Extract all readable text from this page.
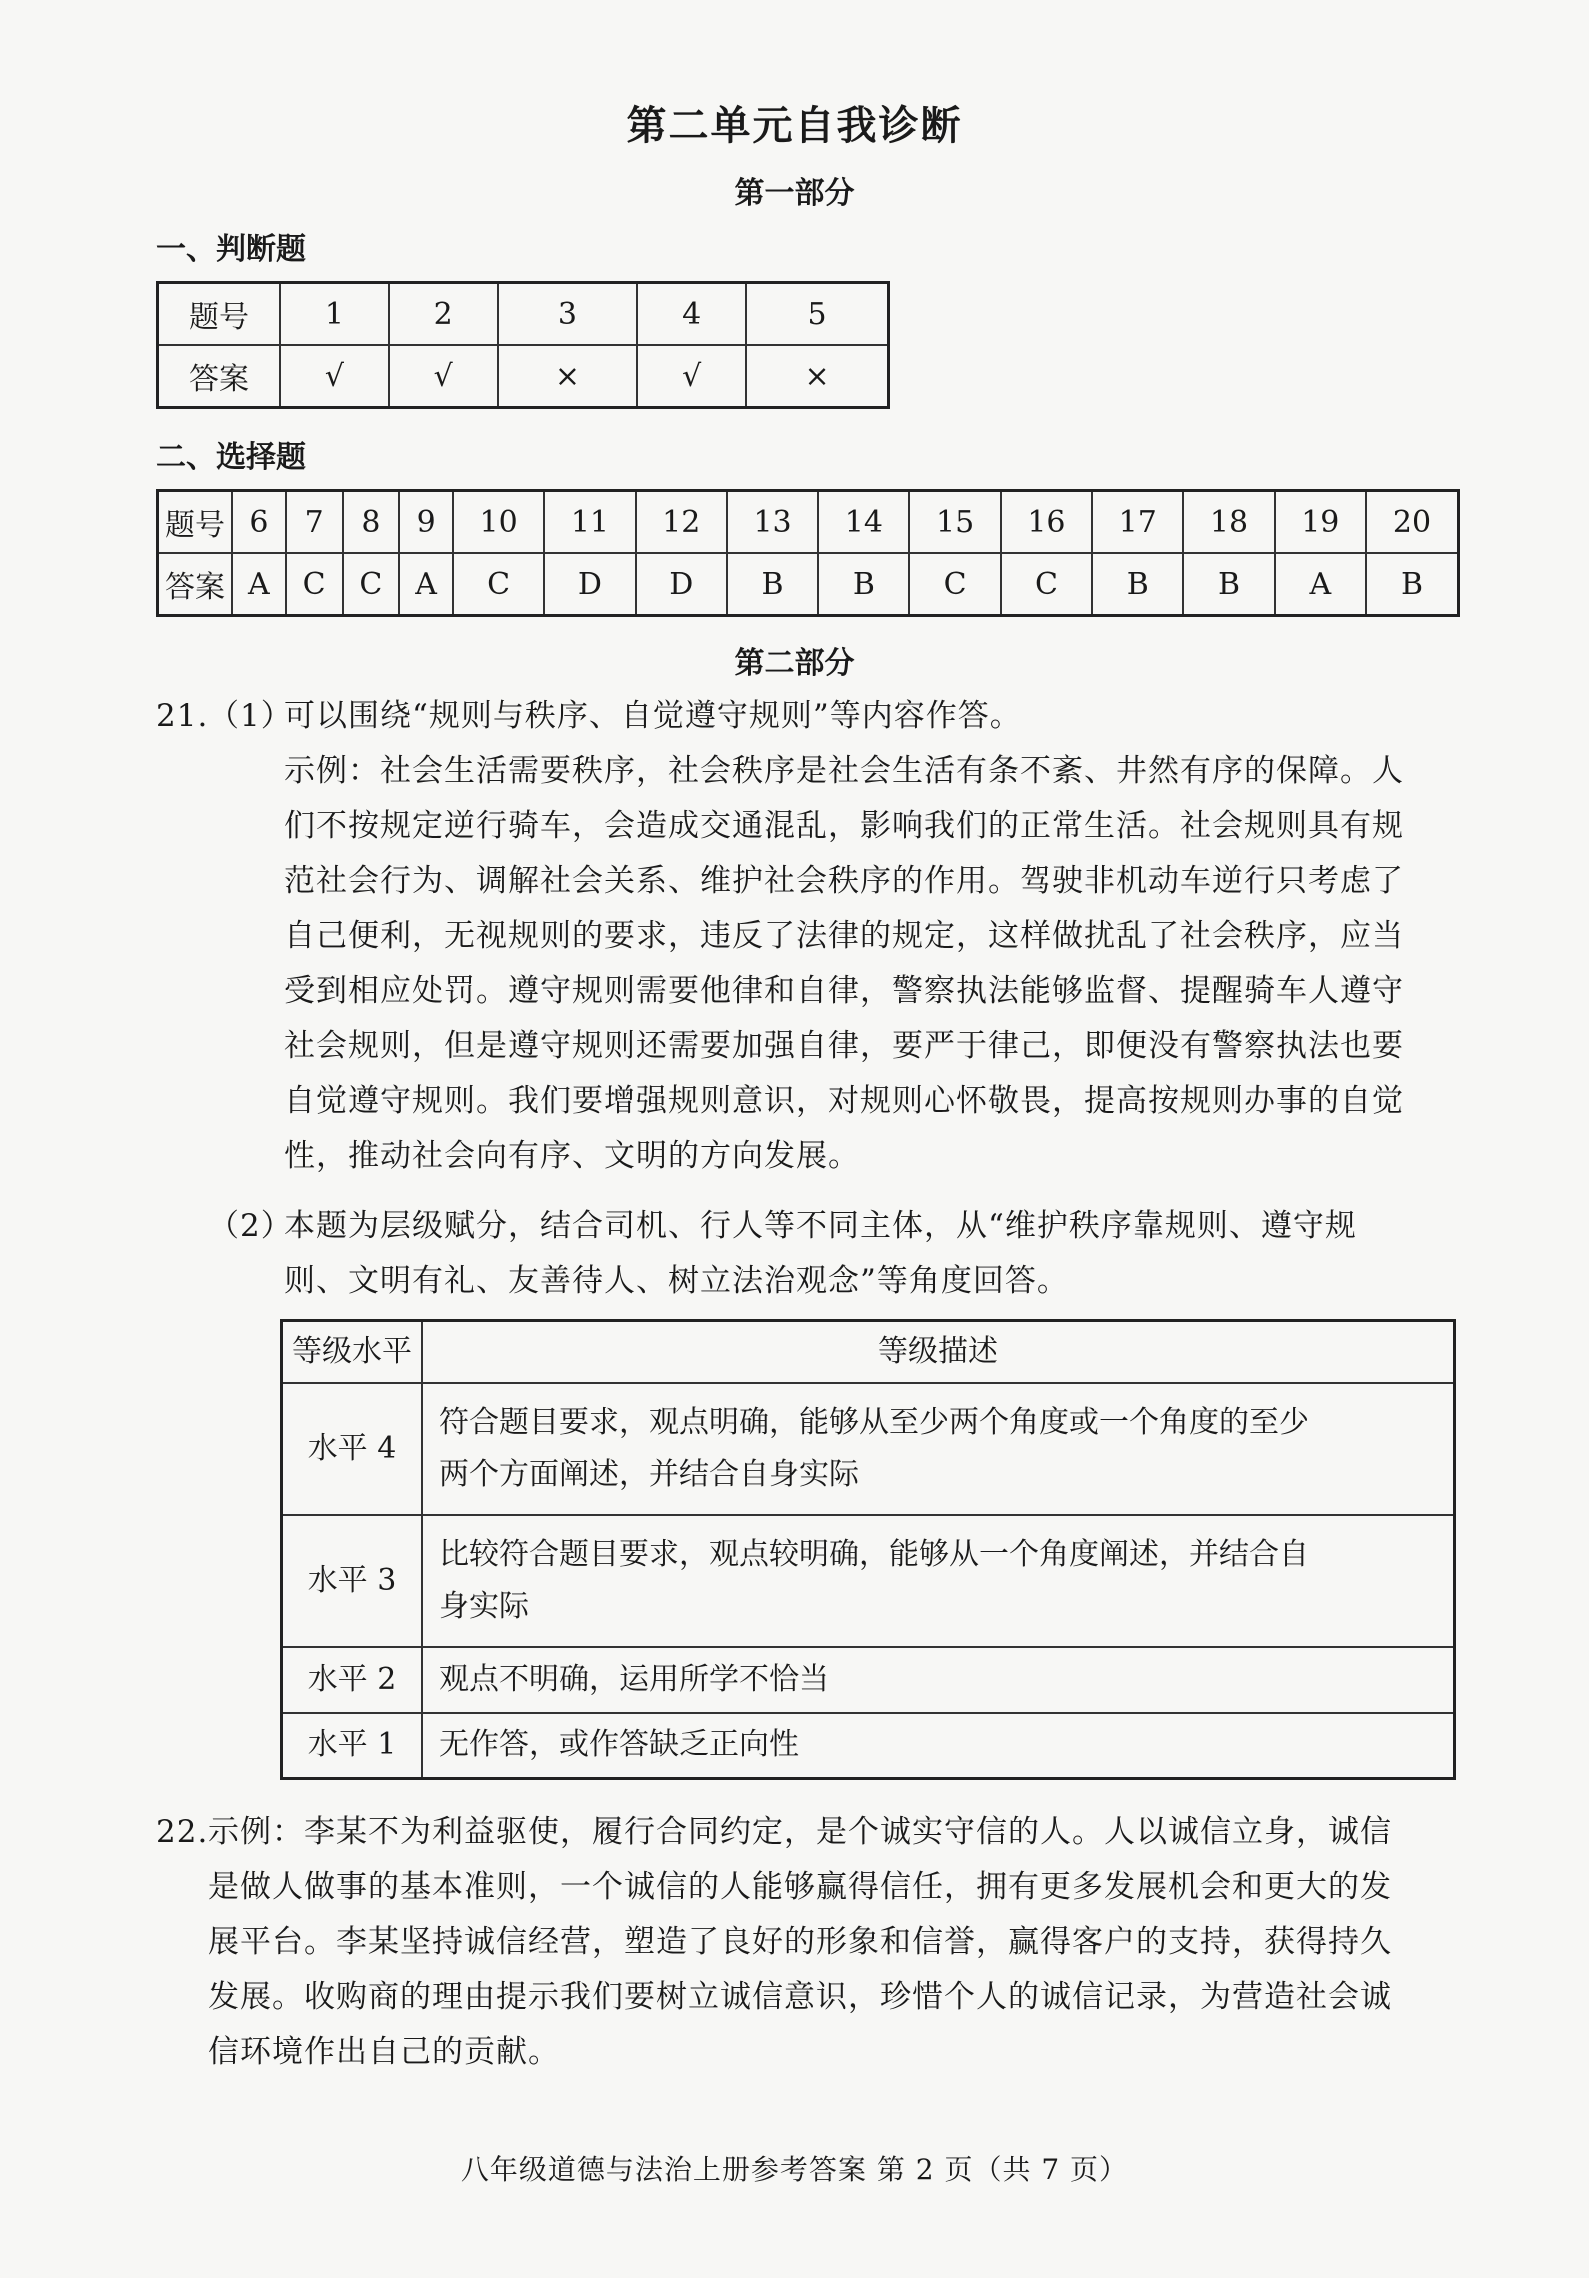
第二单元自我诊断
第一部分
一、判断题
题号	1	2	3	4	5
答案	√	√	×	√	×
二、选择题
题号	6	7	8	9	10	11	12	13	14	15	16	17	18	19	20
答案	A	C	C	A	C	D	D	B	B	C	C	B	B	A	B
第二部分
21. （1）
可以围绕“规则与秩序、自觉遵守规则”等内容作答。
示例：社会生活需要秩序，社会秩序是社会生活有条不紊、井然有序的保障。人
们不按规定逆行骑车，会造成交通混乱，影响我们的正常生活。社会规则具有规
范社会行为、调解社会关系、维护社会秩序的作用。驾驶非机动车逆行只考虑了
自己便利，无视规则的要求，违反了法律的规定，这样做扰乱了社会秩序，应当
受到相应处罚。遵守规则需要他律和自律，警察执法能够监督、提醒骑车人遵守
社会规则，但是遵守规则还需要加强自律，要严于律己，即便没有警察执法也要
自觉遵守规则。我们要增强规则意识，对规则心怀敬畏，提高按规则办事的自觉
性，推动社会向有序、文明的方向发展。
（2）
本题为层级赋分，结合司机、行人等不同主体，从“维护秩序靠规则、遵守规
则、文明有礼、友善待人、树立法治观念”等角度回答。
等级水平	等级描述
水平 4	符合题目要求，观点明确，能够从至少两个角度或一个角度的至少
两个方面阐述，并结合自身实际

水平 3	比较符合题目要求，观点较明确，能够从一个角度阐述，并结合自
身实际

水平 2	观点不明确，运用所学不恰当

水平 1	无作答，或作答缺乏正向性
22. 示例：李某不为利益驱使，履行合同约定，是个诚实守信的人。人以诚信立身，诚信
是做人做事的基本准则，一个诚信的人能够赢得信任，拥有更多发展机会和更大的发
展平台。李某坚持诚信经营，塑造了良好的形象和信誉，赢得客户的支持，获得持久
发展。收购商的理由提示我们要树立诚信意识，珍惜个人的诚信记录，为营造社会诚
信环境作出自己的贡献。
八年级道德与法治上册参考答案 第 2 页（共 7 页）
